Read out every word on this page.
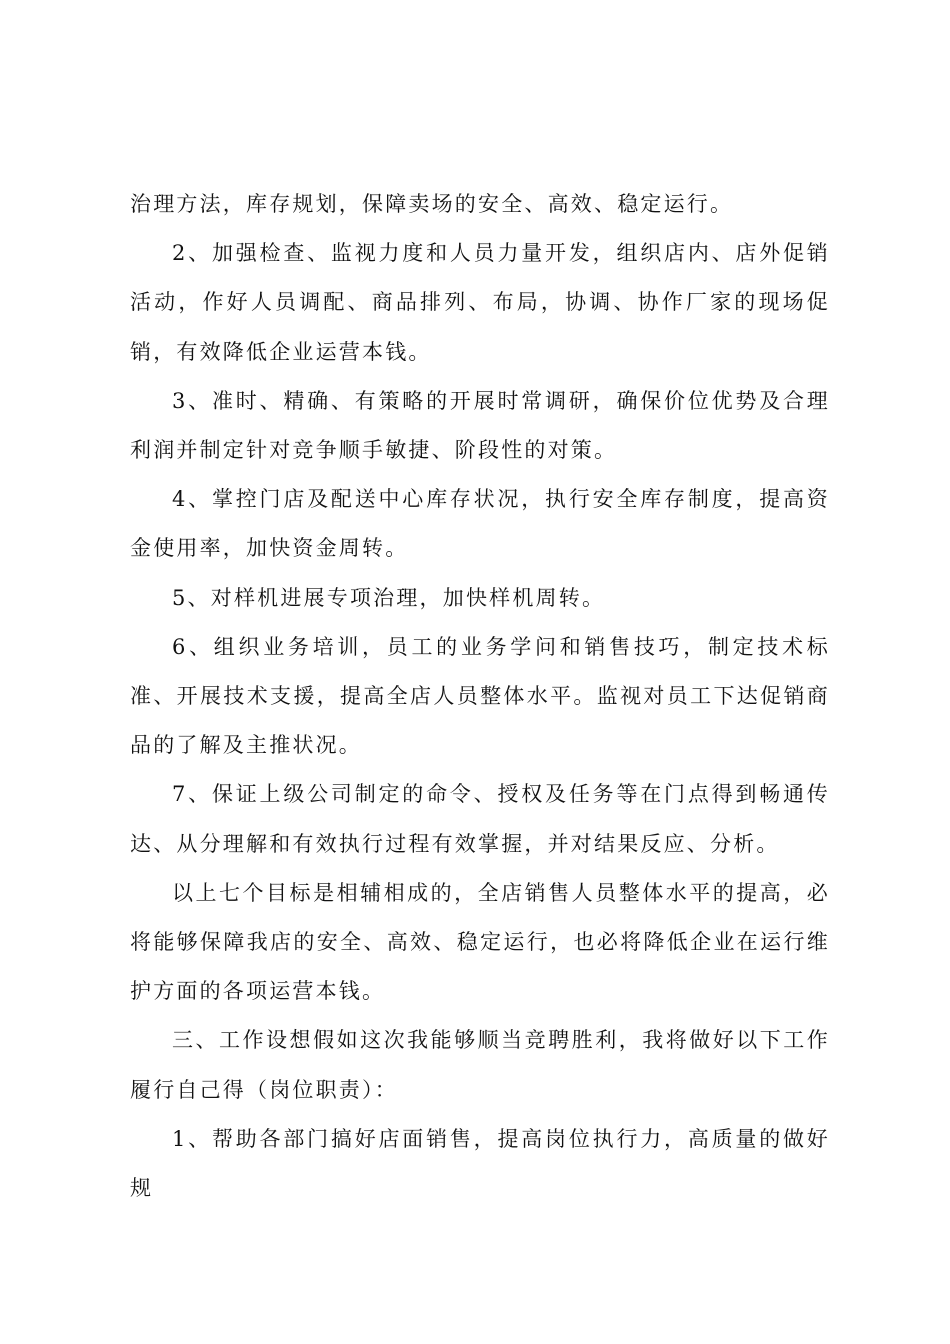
治理方法，库存规划，保障卖场的安全、高效、稳定运行。

2、加强检查、监视力度和人员力量开发，组织店内、店外促销活动，作好人员调配、商品排列、布局，协调、协作厂家的现场促销，有效降低企业运营本钱。

3、准时、精确、有策略的开展时常调研，确保价位优势及合理利润并制定针对竞争顺手敏捷、阶段性的对策。

4、掌控门店及配送中心库存状况，执行安全库存制度，提高资金使用率，加快资金周转。

5、对样机进展专项治理，加快样机周转。

6、组织业务培训，员工的业务学问和销售技巧，制定技术标准、开展技术支援，提高全店人员整体水平。监视对员工下达促销商品的了解及主推状况。

7、保证上级公司制定的命令、授权及任务等在门点得到畅通传达、从分理解和有效执行过程有效掌握，并对结果反应、分析。

以上七个目标是相辅相成的，全店销售人员整体水平的提高，必将能够保障我店的安全、高效、稳定运行，也必将降低企业在运行维护方面的各项运营本钱。

三、工作设想假如这次我能够顺当竞聘胜利，我将做好以下工作履行自己得（岗位职责）：

1、帮助各部门搞好店面销售，提高岗位执行力，高质量的做好规
